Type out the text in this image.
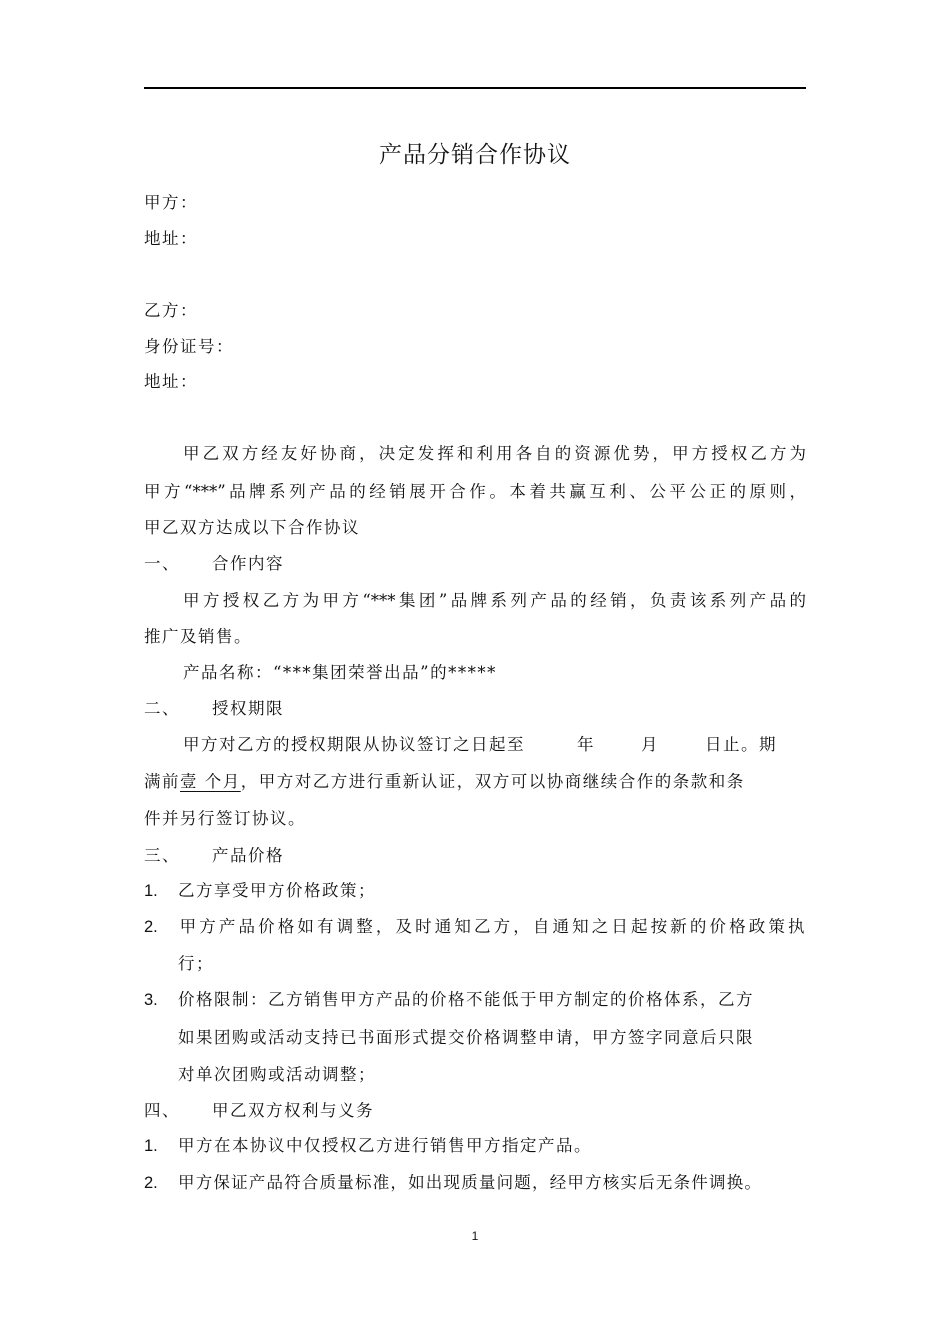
产品分销合作协议
甲方：
地址：
乙方：
身份证号：
地址：
甲乙双方经友好协商，决定发挥和利用各自的资源优势，甲方授权乙方为
甲方“***”品牌系列产品的经销展开合作。本着共赢互利、公平公正的原则，
甲乙双方达成以下合作协议
一、 合作内容
甲方授权乙方为甲方“***集团”品牌系列产品的经销，负责该系列产品的
推广及销售。
产品名称：“***集团荣誉出品”的*****
二、 授权期限
甲方对乙方的授权期限从协议签订之日起至	年	月	日止。期
满前壹 个月，甲方对乙方进行重新认证，双方可以协商继续合作的条款和条
件并另行签订协议。
三、 产品价格
1. 乙方享受甲方价格政策；
2. 甲方产品价格如有调整，及时通知乙方，自通知之日起按新的价格政策执
行；
3. 价格限制：乙方销售甲方产品的价格不能低于甲方制定的价格体系，乙方
如果团购或活动支持已书面形式提交价格调整申请，甲方签字同意后只限
对单次团购或活动调整；
四、 甲乙双方权利与义务
1. 甲方在本协议中仅授权乙方进行销售甲方指定产品。
2. 甲方保证产品符合质量标准，如出现质量问题，经甲方核实后无条件调换。
1
